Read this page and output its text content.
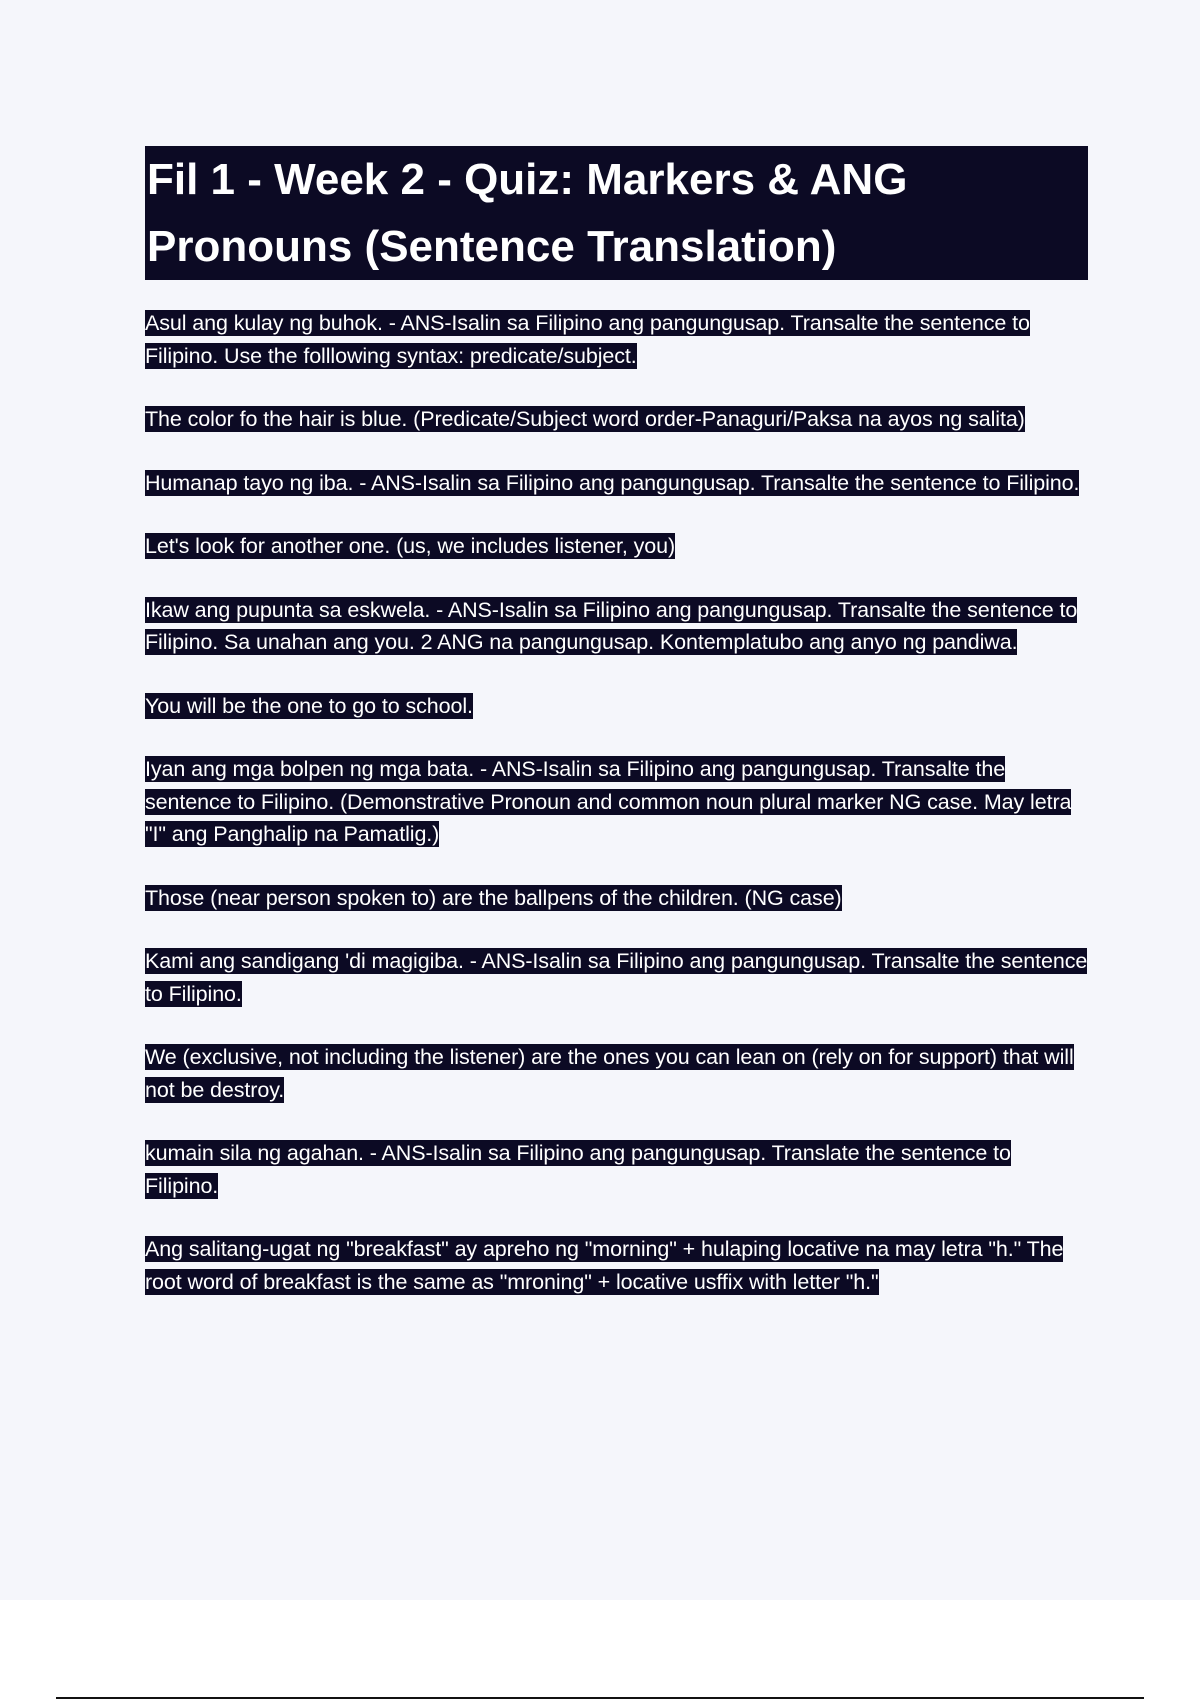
Fil 1 - Week 2 - Quiz: Markers & ANG Pronouns (Sentence Translation)
Asul ang kulay ng buhok. - ANS-Isalin sa Filipino ang pangungusap. Transalte the sentence to Filipino. Use the folllowing syntax: predicate/subject.
The color fo the hair is blue. (Predicate/Subject word order-Panaguri/Paksa na ayos ng salita)
Humanap tayo ng iba. - ANS-Isalin sa Filipino ang pangungusap. Transalte the sentence to Filipino.
Let's look for another one. (us, we includes listener, you)
Ikaw ang pupunta sa eskwela. - ANS-Isalin sa Filipino ang pangungusap. Transalte the sentence to Filipino. Sa unahan ang you. 2 ANG na pangungusap. Kontemplatubo ang anyo ng pandiwa.
You will be the one to go to school.
Iyan ang mga bolpen ng mga bata. - ANS-Isalin sa Filipino ang pangungusap. Transalte the sentence to Filipino. (Demonstrative Pronoun and common noun plural marker NG case. May letra "I" ang Panghalip na Pamatlig.)
Those (near person spoken to) are the ballpens of the children. (NG case)
Kami ang sandigang 'di magigiba. - ANS-Isalin sa Filipino ang pangungusap. Transalte the sentence to Filipino.
We (exclusive, not including the listener) are the ones you can lean on (rely on for support) that will not be destroy.
kumain sila ng agahan. - ANS-Isalin sa Filipino ang pangungusap. Translate the sentence to Filipino.
Ang salitang-ugat ng "breakfast" ay apreho ng "morning" + hulaping locative na may letra "h." The root word of breakfast is the same as "mroning" + locative usffix with letter "h."
